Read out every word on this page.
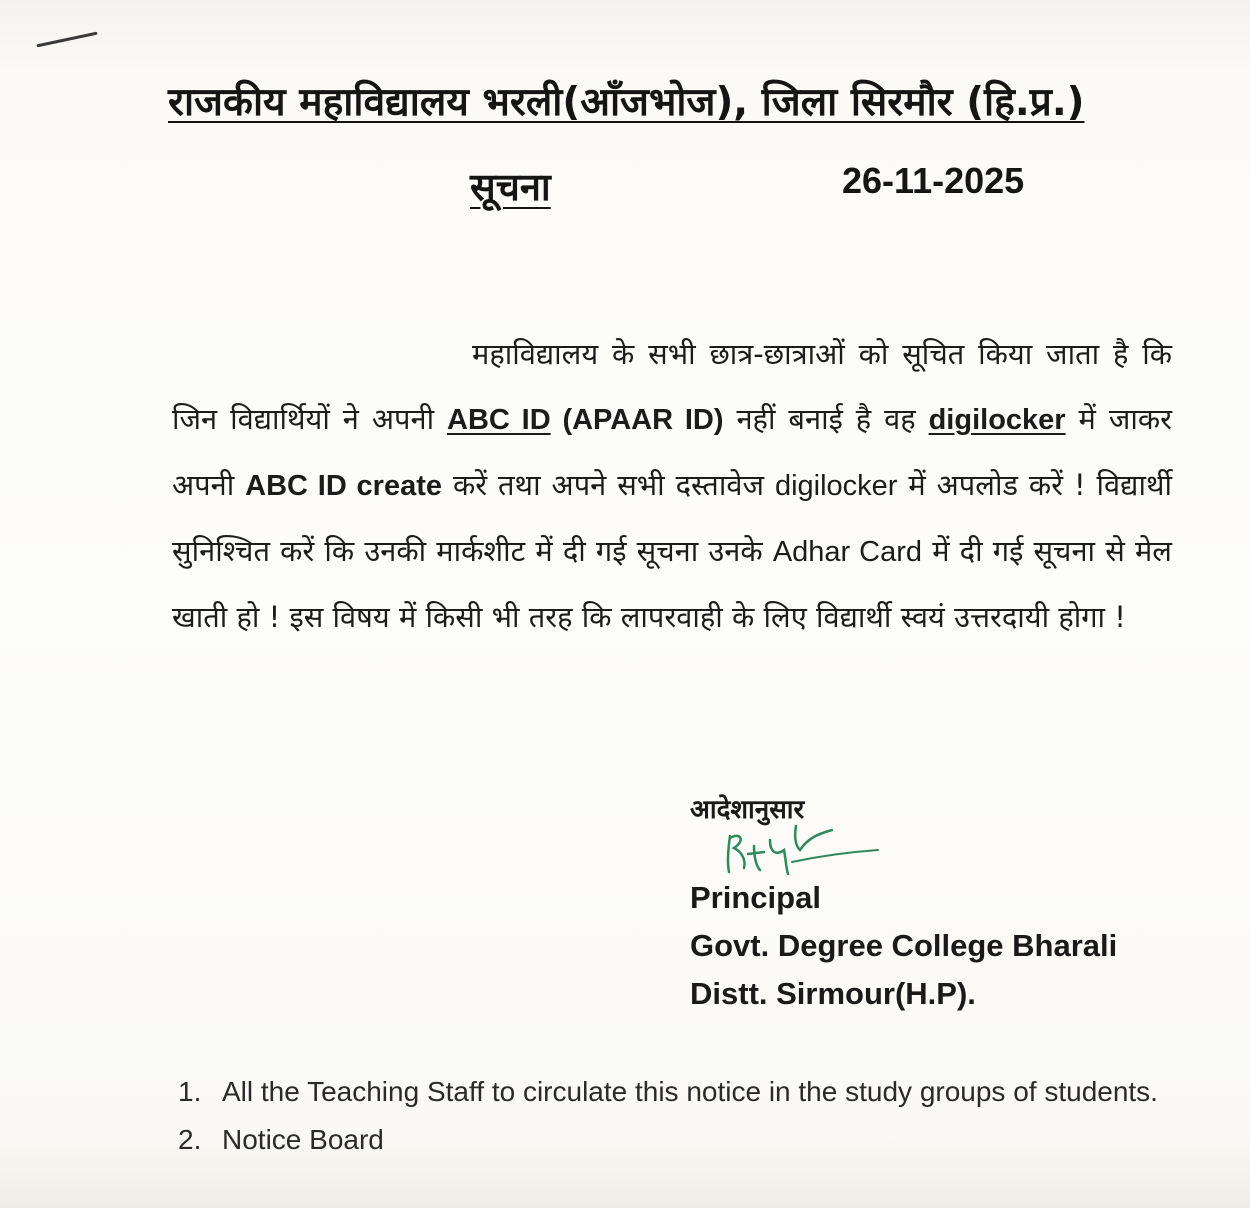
राजकीय महाविद्यालय भरली(आँजभोज), जिला सिरमौर (हि.प्र.)
सूचना	26-11-2025
महाविद्यालय के सभी छात्र-छात्राओं को सूचित किया जाता है कि जिन विद्यार्थियों ने अपनी ABC ID (APAAR ID) नहीं बनाई है वह digilocker में जाकर अपनी ABC ID create करें तथा अपने सभी दस्तावेज digilocker में अपलोड करें ! विद्यार्थी सुनिश्चित करें कि उनकी मार्कशीट में दी गई सूचना उनके Adhar Card में दी गई सूचना से मेल खाती हो ! इस विषय में किसी भी तरह कि लापरवाही के लिए विद्यार्थी स्वयं उत्तरदायी होगा !
आदेशानुसार
Principal
Govt. Degree College Bharali
Distt. Sirmour(H.P).
1. All the Teaching Staff to circulate this notice in the study groups of students.
2. Notice Board
